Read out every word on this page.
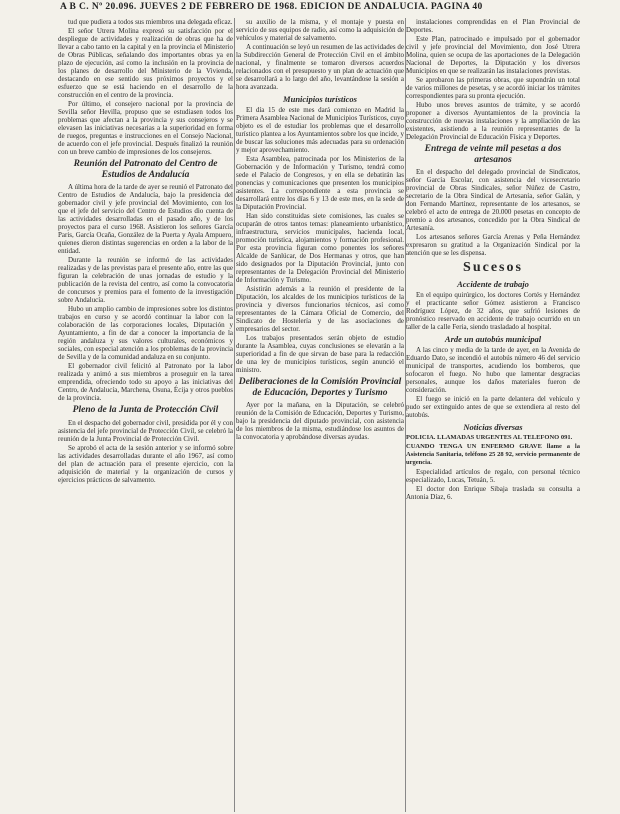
A B C. Nº 20.096. JUEVES 2 DE FEBRERO DE 1968. EDICION DE ANDALUCIA. PAGINA 40

tud que pudiera a todos sus miembros una delegada eficaz.

El señor Utrera Molina expresó su satisfacción por el despliegue de actividades y realización de obras que ha de llevar a cabo tanto en la capital y en la provincia el Ministerio de Obras Públicas, señalando dos importantes obras ya en plazo de ejecución, así como la inclusión en la provincia de los planes de desarrollo del Ministerio de la Vivienda, destacando en ese sentido sus próximos proyectos y el esfuerzo que se está haciendo en el desarrollo de la construcción en el centro de la provincia.

Por último, el consejero nacional por la provincia de Sevilla señor Hevilla, propuso que se estudiasen todos los problemas que afectan a la provincia y sus consejeros y se elevasen las iniciativas necesarias a la superioridad en forma de ruegos, preguntas e instrucciones en el Consejo Nacional, de acuerdo con el jefe provincial. Después finalizó la reunión con un breve cambio de impresiones de los consejeros.

Reunión del Patronato del Centro de Estudios de Andalucía

A última hora de la tarde de ayer se reunió el Patronato del Centro de Estudios de Andalucía, bajo la presidencia del gobernador civil y jefe provincial del Movimiento, con los que el jefe del servicio del Centro de Estudios dio cuenta de las actividades desarrolladas en el pasado año, y de los proyectos para el curso 1968. Asistieron los señores García Paris, García Ocaña, González de la Puerta y Ayala Ampuero, quienes dieron distintas sugerencias en orden a la labor de la entidad.

Durante la reunión se informó de las actividades realizadas y de las previstas para el presente año, entre las que figuran la celebración de unas jornadas de estudio y la publicación de la revista del centro, así como la convocatoria de concursos y premios para el fomento de la investigación sobre Andalucía.

Hubo un amplio cambio de impresiones sobre los distintos trabajos en curso y se acordó continuar la labor con la colaboración de las corporaciones locales, Diputación y Ayuntamiento, a fin de dar a conocer la importancia de la región andaluza y sus valores culturales, económicos y sociales, con especial atención a los problemas de la provincia de Sevilla y de la comunidad andaluza en su conjunto.

El gobernador civil felicitó al Patronato por la labor realizada y animó a sus miembros a proseguir en la tarea emprendida, ofreciendo todo su apoyo a las iniciativas del Centro, de Andalucía, Marchena, Osuna, Écija y otros pueblos de la provincia.

Pleno de la Junta de Protección Civil

En el despacho del gobernador civil, presidida por él y con asistencia del jefe provincial de Protección Civil, se celebró la reunión de la Junta Provincial de Protección Civil.

Se aprobó el acta de la sesión anterior y se informó sobre las actividades desarrolladas durante el año 1967, así como del plan de actuación para el presente ejercicio, con la adquisición de material y la organización de cursos y ejercicios prácticos de salvamento.

su auxilio de la misma, y el montaje y puesta en servicio de sus equipos de radio, así como la adquisición de vehículos y material de salvamento.

A continuación se leyó un resumen de las actividades de la Subdirección General de Protección Civil en el ámbito nacional, y finalmente se tomaron diversos acuerdos relacionados con el presupuesto y un plan de actuación que se desarrollará a lo largo del año, levantándose la sesión a hora avanzada.

Municipios turísticos

El día 15 de este mes dará comienzo en Madrid la Primera Asamblea Nacional de Municipios Turísticos, cuyo objeto es el de estudiar los problemas que el desarrollo turístico plantea a los Ayuntamientos sobre los que incide, y de buscar las soluciones más adecuadas para su ordenación y mejor aprovechamiento.

Esta Asamblea, patrocinada por los Ministerios de la Gobernación y de Información y Turismo, tendrá como sede el Palacio de Congresos, y en ella se debatirán las ponencias y comunicaciones que presenten los municipios asistentes. La correspondiente a esta provincia se desarrollará entre los días 6 y 13 de este mes, en la sede de la Diputación Provincial.

Han sido constituidas siete comisiones, las cuales se ocuparán de otros tantos temas: planeamiento urbanístico, infraestructura, servicios municipales, hacienda local, promoción turística, alojamientos y formación profesional. Por esta provincia figuran como ponentes los señores Alcalde de Sanlúcar, de Dos Hermanas y otros, que han sido designados por la Diputación Provincial, junto con representantes de la Delegación Provincial del Ministerio de Información y Turismo.

Asistirán además a la reunión el presidente de la Diputación, los alcaldes de los municipios turísticos de la provincia y diversos funcionarios técnicos, así como representantes de la Cámara Oficial de Comercio, del Sindicato de Hostelería y de las asociaciones de empresarios del sector.

Los trabajos presentados serán objeto de estudio durante la Asamblea, cuyas conclusiones se elevarán a la superioridad a fin de que sirvan de base para la redacción de una ley de municipios turísticos, según anunció el ministro.

Deliberaciones de la Comisión Provincial de Educación, Deportes y Turismo

Ayer por la mañana, en la Diputación, se celebró reunión de la Comisión de Educación, Deportes y Turismo, bajo la presidencia del diputado provincial, con asistencia de los miembros de la misma, estudiándose los asuntos de la convocatoria y aprobándose diversas ayudas.

instalaciones comprendidas en el Plan Provincial de Deportes.

Este Plan, patrocinado e impulsado por el gobernador civil y jefe provincial del Movimiento, don José Utrera Molina, quien se ocupa de las aportaciones de la Delegación Nacional de Deportes, la Diputación y los diversos Municipios en que se realizarán las instalaciones previstas.

Se aprobaron las primeras obras, que supondrán un total de varios millones de pesetas, y se acordó iniciar los trámites correspondientes para su pronta ejecución.

Hubo unos breves asuntos de trámite, y se acordó proponer a diversos Ayuntamientos de la provincia la construcción de nuevas instalaciones y la ampliación de las existentes, asistiendo a la reunión representantes de la Delegación Provincial de Educación Física y Deportes.

Entrega de veinte mil pesetas a dos artesanos

En el despacho del delegado provincial de Sindicatos, señor García Escolar, con asistencia del vicesecretario provincial de Obras Sindicales, señor Núñez de Castro, secretario de la Obra Sindical de Artesanía, señor Galán, y don Fernando Martínez, representante de los artesanos, se celebró el acto de entrega de 20.000 pesetas en concepto de premio a dos artesanos, concedido por la Obra Sindical de Artesanía.

Los artesanos señores García Arenas y Peña Hernández expresaron su gratitud a la Organización Sindical por la atención que se les dispensa.

Sucesos
Accidente de trabajo

En el equipo quirúrgico, los doctores Cortés y Hernández y el practicante señor Gómez asistieron a Francisco Rodríguez López, de 32 años, que sufrió lesiones de pronóstico reservado en accidente de trabajo ocurrido en un taller de la calle Feria, siendo trasladado al hospital.

Arde un autobús municipal

A las cinco y media de la tarde de ayer, en la Avenida de Eduardo Dato, se incendió el autobús número 46 del servicio municipal de transportes, acudiendo los bomberos, que sofocaron el fuego. No hubo que lamentar desgracias personales, aunque los daños materiales fueron de consideración.

El fuego se inició en la parte delantera del vehículo y pudo ser extinguido antes de que se extendiera al resto del autobús.

Noticias diversas

POLICIA. LLAMADAS URGENTES AL TELEFONO 091.

CUANDO TENGA UN ENFERMO GRAVE llame a la Asistencia Sanitaria, teléfono 25 28 92, servicio permanente de urgencia.

Especialidad artículos de regalo, con personal técnico especializado, Lucas, Tetuán, 5.

El doctor don Enrique Sibaja traslada su consulta a Antonia Díaz, 6.
